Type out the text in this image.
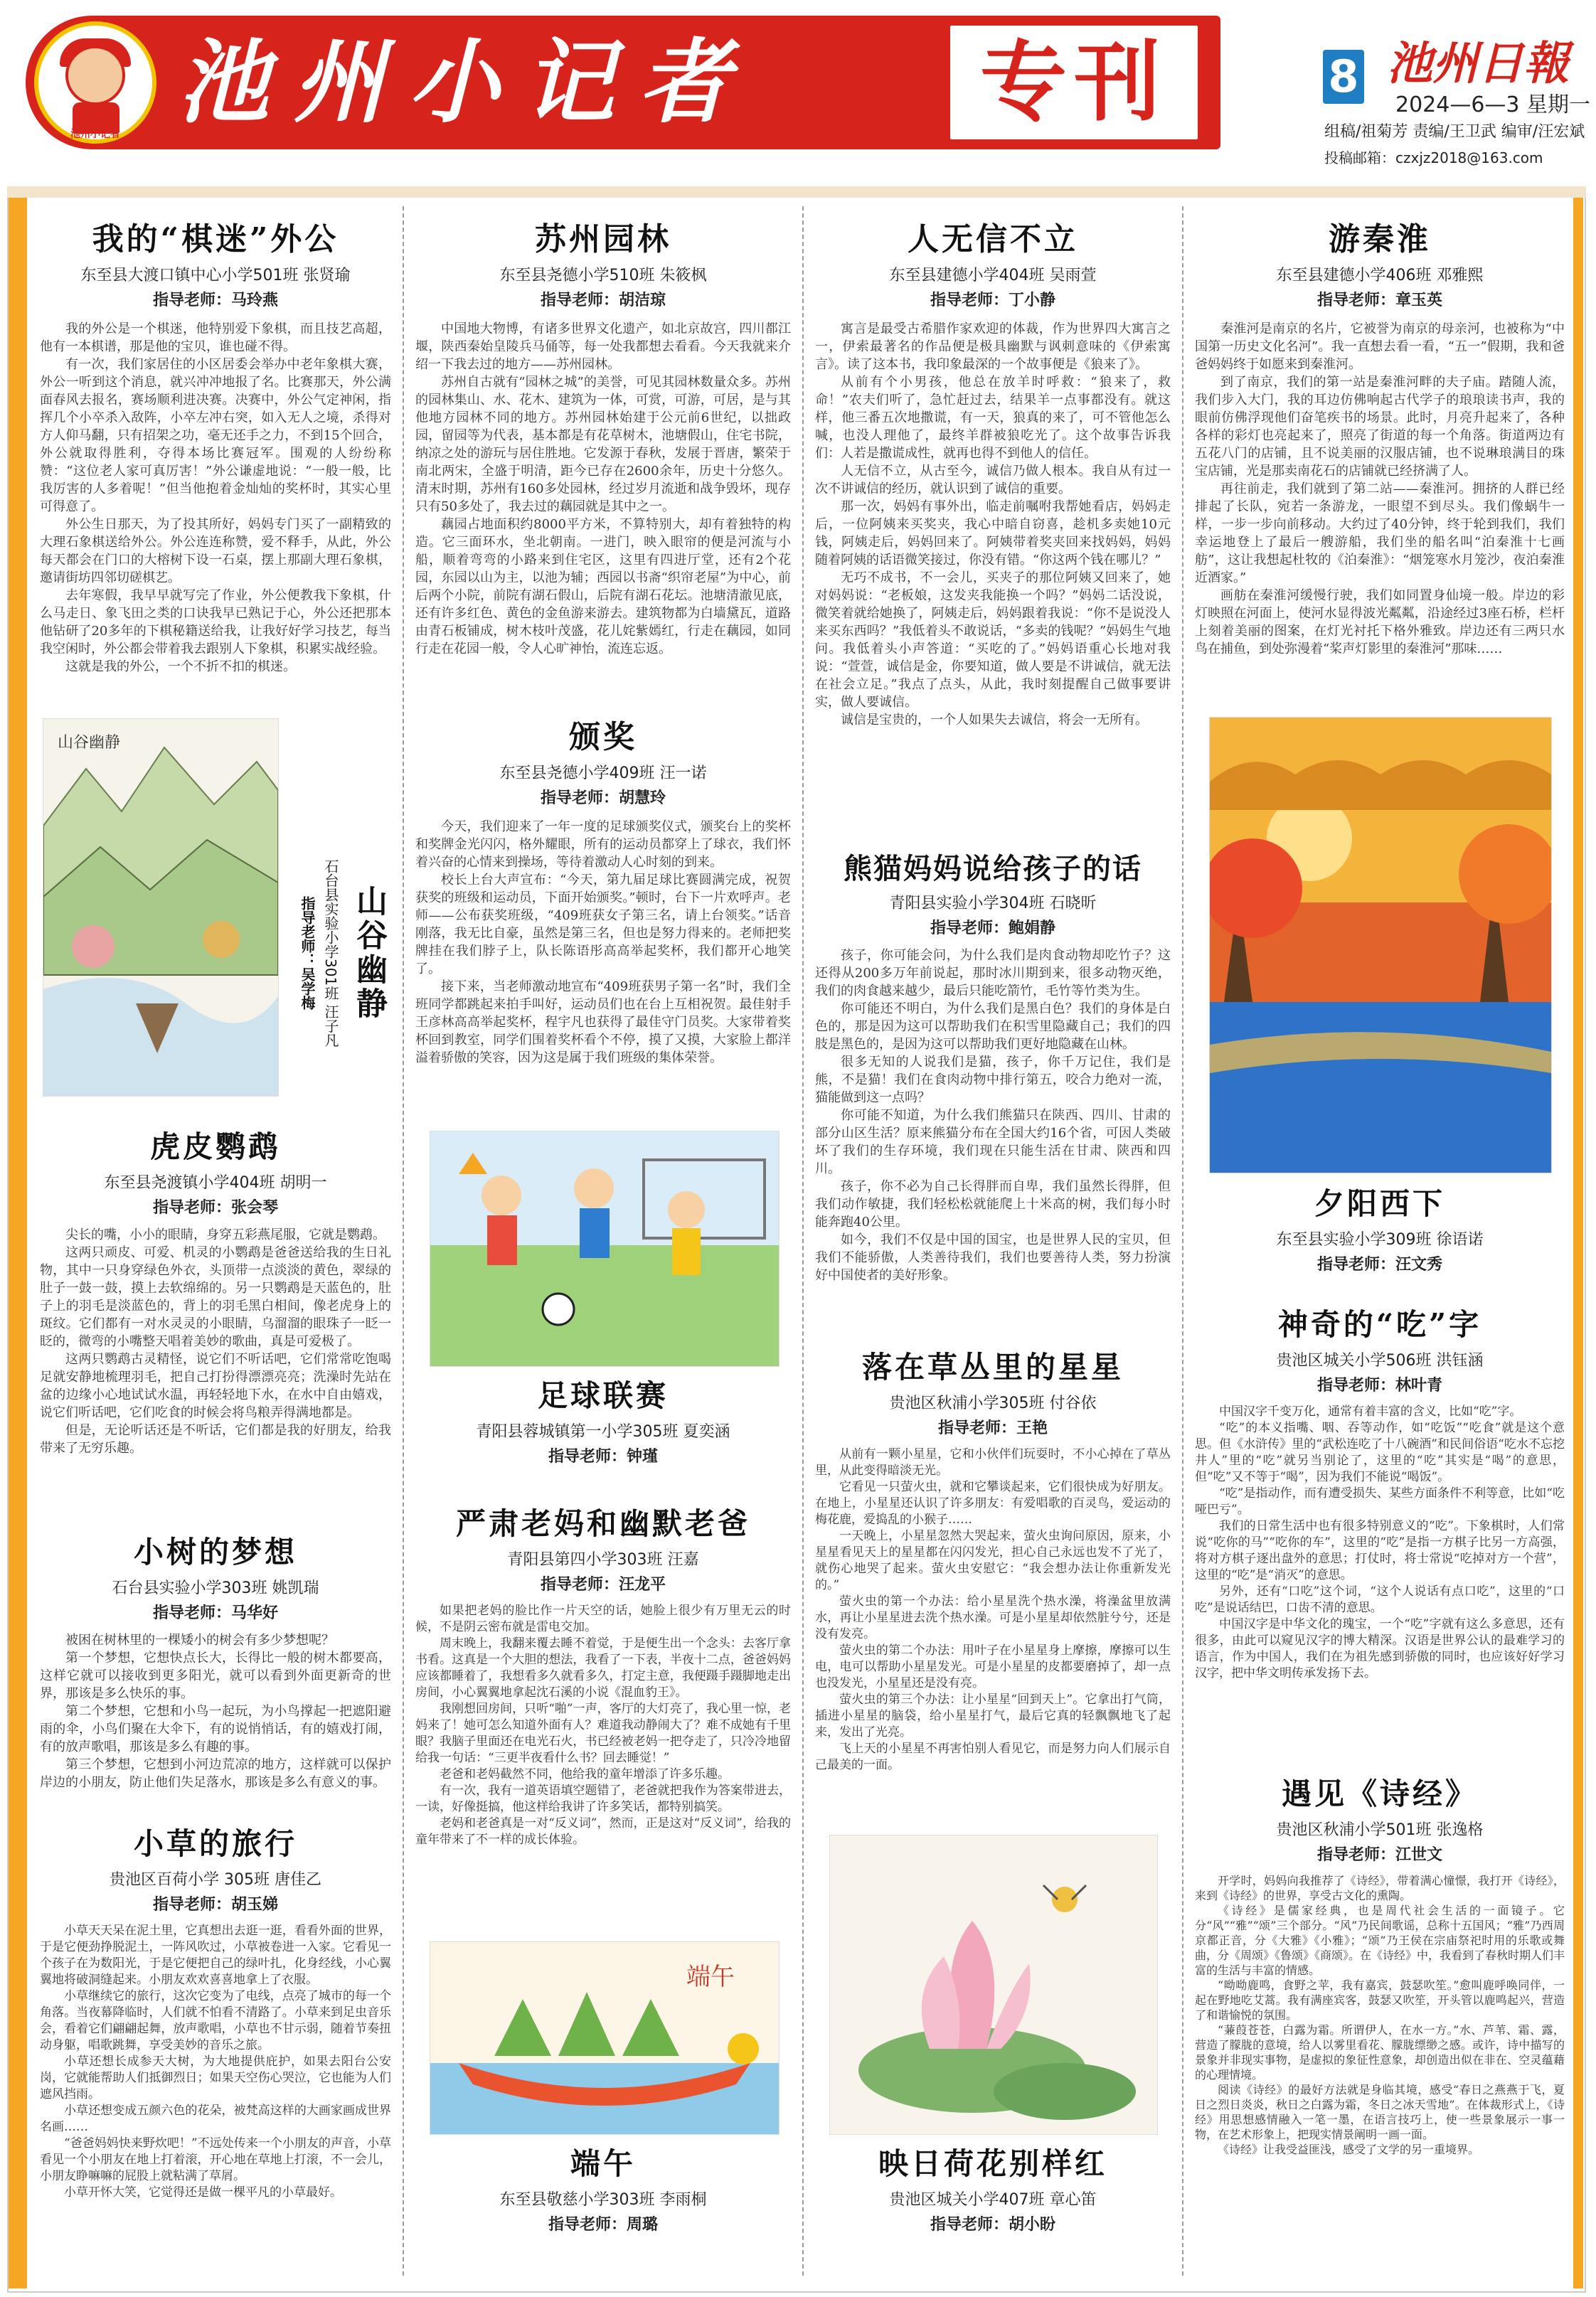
池州小记者 池州小记者	专刊	8 池州日報
2024—6—3 星期一
组稿/祖菊芳 责编/王卫武 编审/汪宏斌
投稿邮箱：czxjz2018@163.com
我的“棋迷”外公
东至县大渡口镇中心小学501班 张贤瑜
指导老师：马玲燕

我的外公是一个棋迷，他特别爱下象棋，而且技艺高超，他有一本棋谱，那是他的宝贝，谁也碰不得。

有一次，我们家居住的小区居委会举办中老年象棋大赛，外公一听到这个消息，就兴冲冲地报了名。比赛那天，外公满面春风去报名，赛场顺利进决赛。决赛中，外公气定神闲，指挥几个小卒杀入敌阵，小卒左冲右突，如入无人之境，杀得对方人仰马翻，只有招架之功，毫无还手之力，不到15个回合，外公就取得胜利，夺得本场比赛冠军。围观的人纷纷称赞：“这位老人家可真厉害！”外公谦虚地说：“一般一般，比我厉害的人多着呢！”但当他抱着金灿灿的奖杯时，其实心里可得意了。

外公生日那天，为了投其所好，妈妈专门买了一副精致的大理石象棋送给外公。外公连连称赞，爱不释手，从此，外公每天都会在门口的大榕树下设一石桌，摆上那副大理石象棋，邀请街坊四邻切磋棋艺。

去年寒假，我早早就写完了作业，外公便教我下象棋，什么马走日、象飞田之类的口诀我早已熟记于心，外公还把那本他钻研了20多年的下棋秘籍送给我，让我好好学习技艺，每当我空闲时，外公都会带着我去跟别人下象棋，积累实战经验。

这就是我的外公，一个不折不扣的棋迷。

山谷幽静
山谷幽静
石台县实验小学301班 汪子凡
指导老师：吴学梅
虎皮鹦鹉
东至县尧渡镇小学404班 胡明一
指导老师：张会琴

尖长的嘴，小小的眼睛，身穿五彩燕尾服，它就是鹦鹉。

这两只顽皮、可爱、机灵的小鹦鹉是爸爸送给我的生日礼物，其中一只身穿绿色外衣，头顶带一点淡淡的黄色，翠绿的肚子一鼓一鼓，摸上去软绵绵的。另一只鹦鹉是天蓝色的，肚子上的羽毛是淡蓝色的，背上的羽毛黑白相间，像老虎身上的斑纹。它们都有一对水灵灵的小眼睛，乌溜溜的眼珠子一眨一眨的，微弯的小嘴整天唱着美妙的歌曲，真是可爱极了。

这两只鹦鹉古灵精怪，说它们不听话吧，它们常常吃饱喝足就安静地梳理羽毛，把自己打扮得漂漂亮亮；洗澡时先站在盆的边缘小心地试试水温，再轻轻地下水，在水中自由嬉戏，说它们听话吧，它们吃食的时候会将鸟粮弄得满地都是。

但是，无论听话还是不听话，它们都是我的好朋友，给我带来了无穷乐趣。

小树的梦想
石台县实验小学303班 姚凯瑞
指导老师：马华好

被困在树林里的一棵矮小的树会有多少梦想呢？

第一个梦想，它想快点长大，长得比一般的树木都要高，这样它就可以接收到更多阳光，就可以看到外面更新奇的世界，那该是多么快乐的事。

第二个梦想，它想和小鸟一起玩，为小鸟撑起一把遮阳避雨的伞，小鸟们聚在大伞下，有的说悄悄话，有的嬉戏打闹，有的放声歌唱，那该是多么有趣的事。

第三个梦想，它想到小河边荒凉的地方，这样就可以保护岸边的小朋友，防止他们失足落水，那该是多么有意义的事。

小草的旅行
贵池区百荷小学 305班 唐佳乙
指导老师：胡玉娣

小草天天呆在泥土里，它真想出去逛一逛，看看外面的世界，于是它便劲挣脱泥土，一阵风吹过，小草被卷进一入家。它看见一个孩子在为数阳光，于是它便把自己的绿叶扎，化身经线，小心翼翼地将破洞缝起来。小朋友欢欢喜喜地拿上了衣服。

小草继续它的旅行，这次它变为了电线，点亮了城市的每一个角落。当夜幕降临时，人们就不怕看不清路了。小草来到足虫音乐会，看着它们翩翩起舞，放声歌唱，小草也不甘示弱，随着节奏扭动身躯，唱歌跳舞，享受美妙的音乐之旅。

小草还想长成参天大树，为大地提供庇护，如果去阳台公安岗，它就能帮助人们抵御烈日；如果天空伤心哭泣，它也能为人们遮风挡雨。

小草还想变成五颜六色的花朵，被梵高这样的大画家画成世界名画……

“爸爸妈妈快来野炊吧！”不远处传来一个小朋友的声音，小草看见一个小朋友在地上打着滚，开心地在草地上打滚，不一会儿，小朋友睁嘛嘛的屁股上就粘满了草屑。

小草开怀大笑，它觉得还是做一棵平凡的小草最好。

苏州园林
东至县尧德小学510班 朱筱枫
指导老师：胡洁琼

中国地大物博，有诸多世界文化遗产，如北京故宫，四川都江堰，陕西秦始皇陵兵马俑等，每一处我都想去看看。今天我就来介绍一下我去过的地方——苏州园林。

苏州自古就有“园林之城”的美誉，可见其园林数量众多。苏州的园林集山、水、花木、建筑为一体，可赏，可游，可居，是与其他地方园林不同的地方。苏州园林始建于公元前6世纪，以拙政园，留园等为代表，基本都是有花草树木，池塘假山，住宅书院，纳凉之处的游玩与居住胜地。它发源于春秋，发展于晋唐，繁荣于南北两宋，全盛于明清，距今已存在2600余年，历史十分悠久。清末时期，苏州有160多处园林，经过岁月流逝和战争毁坏，现存只有50多处了，我去过的藕园就是其中之一。

藕园占地面积约8000平方米，不算特别大，却有着独特的构造。它三面环水，坐北朝南。一进门，映入眼帘的便是河流与小船，顺着弯弯的小路来到住宅区，这里有四进厅堂，还有2个花园，东园以山为主，以池为辅；西园以书斋“织帘老屋”为中心，前后两个小院，前院有湖石假山，后院有湖石花坛。池塘清澈见底，还有许多红色、黄色的金鱼游来游去。建筑物都为白墙黛瓦，道路由青石板铺成，树木枝叶茂盛，花儿姹紫嫣红，行走在藕园，如同行走在花园一般，令人心旷神怡，流连忘返。

颁奖
东至县尧德小学409班 汪一诺
指导老师：胡慧玲

今天，我们迎来了一年一度的足球颁奖仪式，颁奖台上的奖杯和奖牌金光闪闪，格外耀眼，所有的运动员都穿上了球衣，我们怀着兴奋的心情来到操场，等待着激动人心时刻的到来。

校长上台大声宣布：“今天，第九届足球比赛圆满完成，祝贺获奖的班级和运动员，下面开始颁奖。”顿时，台下一片欢呼声。老师——公布获奖班级，“409班获女子第三名，请上台领奖。”话音刚落，我无比自豪，虽然是第三名，但也是努力得来的。老师把奖牌挂在我们脖子上，队长陈语彤高高举起奖杯，我们都开心地笑了。

接下来，当老师激动地宣布“409班获男子第一名”时，我们全班同学都跳起来拍手叫好，运动员们也在台上互相祝贺。最佳射手王彦林高高举起奖杯，程宇凡也获得了最佳守门员奖。大家带着奖杯回到教室，同学们围着奖杯看个不停，摸了又摸，大家脸上都洋溢着骄傲的笑容，因为这是属于我们班级的集体荣誉。

足球联赛
青阳县蓉城镇第一小学305班 夏奕涵
指导老师：钟瑾
严肃老妈和幽默老爸
青阳县第四小学303班 汪嘉
指导老师：汪龙平

如果把老妈的脸比作一片天空的话，她脸上很少有万里无云的时候，不是阴云密布就是雷电交加。

周末晚上，我翻来覆去睡不着觉，于是便生出一个念头：去客厅拿书看。这真是一个大胆的想法，我看了一下表，半夜十二点，爸爸妈妈应该都睡着了，我想看多久就看多久，打定主意，我便蹑手蹑脚地走出房间，小心翼翼地拿起沈石溪的小说《混血豹王》。

我刚想回房间，只听“啪”一声，客厅的大灯亮了，我心里一惊，老妈来了！她可怎么知道外面有人？难道我动静闹大了？难不成她有千里眼？我脑子里面还在电光石火，书已经被老妈一把夺走了，只冷冷地留给我一句话：“三更半夜看什么书？回去睡觉！”

老爸和老妈截然不同，他给我的童年增添了许多乐趣。

有一次，我有一道英语填空题错了，老爸就把我作为答案带进去，一读，好像挺搞，他这样给我讲了许多笑话，都特别搞笑。

老妈和老爸真是一对“反义词”，然而，正是这对“反义词”，给我的童年带来了不一样的成长体验。

端午
端午
东至县敬慈小学303班 李雨桐
指导老师：周璐
人无信不立
东至县建德小学404班 吴雨萱
指导老师：丁小静

寓言是最受古希腊作家欢迎的体裁，作为世界四大寓言之一，伊索最著名的作品便是极具幽默与讽刺意味的《伊索寓言》。读了这本书，我印象最深的一个故事便是《狼来了》。

从前有个小男孩，他总在放羊时呼救：“狼来了，救命！”农夫们听了，急忙赶过去，结果羊一点事都没有。就这样，他三番五次地撒谎，有一天，狼真的来了，可不管他怎么喊，也没人理他了，最终羊群被狼吃光了。这个故事告诉我们：人若是撒谎成性，就再也得不到他人的信任。

人无信不立，从古至今，诚信乃做人根本。我自从有过一次不讲诚信的经历，就认识到了诚信的重要。

那一次，妈妈有事外出，临走前嘱咐我帮她看店，妈妈走后，一位阿姨来买奖夹，我心中暗自窃喜，趁机多卖她10元钱，阿姨走后，妈妈回来了。阿姨带着奖夹回来找妈妈，妈妈随着阿姨的话语微笑接过，你没有错。“你这两个钱在哪儿？”

无巧不成书，不一会儿，买夹子的那位阿姨又回来了，她对妈妈说：“老板娘，这发夹我能换一个吗？”妈妈二话没说，微笑着就给她换了，阿姨走后，妈妈跟着我说：“你不是说没人来买东西吗？”我低着头不敢说话，“多卖的钱呢？”妈妈生气地问。我低着头小声答道：“买吃的了。”妈妈语重心长地对我说：“萱萱，诚信是金，你要知道，做人要是不讲诚信，就无法在社会立足。”我点了点头，从此，我时刻提醒自己做事要讲实，做人要诚信。

诚信是宝贵的，一个人如果失去诚信，将会一无所有。

熊猫妈妈说给孩子的话
青阳县实验小学304班 石晓昕
指导老师：鲍娟静

孩子，你可能会问，为什么我们是肉食动物却吃竹子？这还得从200多万年前说起，那时冰川期到来，很多动物灭绝，我们的肉食越来越少，最后只能吃箭竹，毛竹等竹类为生。

你可能还不明白，为什么我们是黑白色？我们的身体是白色的，那是因为这可以帮助我们在积雪里隐藏自己；我们的四肢是黑色的，是因为这可以帮助我们更好地隐藏在山林。

很多无知的人说我们是猫，孩子，你千万记住，我们是熊，不是猫！我们在食肉动物中排行第五，咬合力绝对一流，猫能做到这一点吗？

你可能不知道，为什么我们熊猫只在陕西、四川、甘肃的部分山区生活？原来熊猫分布在全国大约16个省，可因人类破坏了我们的生存环境，我们现在只能生活在甘肃、陕西和四川。

孩子，你不必为自己长得胖而自卑，我们虽然长得胖，但我们动作敏捷，我们轻松松就能爬上十米高的树，我们每小时能奔跑40公里。

如今，我们不仅是中国的国宝，也是世界人民的宝贝，但我们不能骄傲，人类善待我们，我们也要善待人类，努力扮演好中国使者的美好形象。

落在草丛里的星星
贵池区秋浦小学305班 付谷依
指导老师：王艳

从前有一颗小星星，它和小伙伴们玩耍时，不小心掉在了草丛里，从此变得暗淡无光。

它看见一只萤火虫，就和它攀谈起来，它们很快成为好朋友。在地上，小星星还认识了许多朋友：有爱唱歌的百灵鸟，爱运动的梅花鹿，爱捣乱的小猴子……

一天晚上，小星星忽然大哭起来，萤火虫询问原因，原来，小星星看见天上的星星都在闪闪发光，担心自己永远也发不了光了，就伤心地哭了起来。萤火虫安慰它：“我会想办法让你重新发光的。”

萤火虫的第一个办法：给小星星洗个热水澡，将澡盆里放满水，再让小星星进去洗个热水澡。可是小星星却依然脏兮兮，还是没有发亮。

萤火虫的第二个办法：用叶子在小星星身上摩擦，摩擦可以生电，电可以帮助小星星发光。可是小星星的皮都要磨掉了，却一点也没发光，小星星还是没有亮。

萤火虫的第三个办法：让小星星“回到天上”。它拿出打气筒，插进小星星的脑袋，给小星星打气，最后它真的轻飘飘地飞了起来，发出了光亮。

飞上天的小星星不再害怕别人看见它，而是努力向人们展示自己最美的一面。

映日荷花别样红
贵池区城关小学407班 章心笛
指导老师：胡小盼
游秦淮
东至县建德小学406班 邓雅熙
指导老师：章玉英

秦淮河是南京的名片，它被誉为南京的母亲河，也被称为“中国第一历史文化名河”。我一直想去看一看，“五一”假期，我和爸爸妈妈终于如愿来到秦淮河。

到了南京，我们的第一站是秦淮河畔的夫子庙。踏随人流，我们步入大门，我的耳边仿佛响起古代学子的琅琅读书声，我的眼前仿佛浮现他们奋笔疾书的场景。此时，月亮升起来了，各种各样的彩灯也亮起来了，照亮了街道的每一个角落。街道两边有五花八门的店铺，且不说美丽的汉服店铺，也不说琳琅满目的珠宝店铺，光是那卖南花石的店铺就已经挤满了人。

再往前走，我们就到了第二站——秦淮河。拥挤的人群已经排起了长队，宛若一条游龙，一眼望不到尽头。我们像蜗牛一样，一步一步向前移动。大约过了40分钟，终于轮到我们，我们幸运地登上了最后一艘游船，我们坐的船名叫“泊秦淮十七画舫”，这让我想起杜牧的《泊秦淮》：“烟笼寒水月笼沙，夜泊秦淮近酒家。”

画舫在秦淮河缓慢行驶，我们如同置身仙境一般。岸边的彩灯映照在河面上，使河水显得波光粼粼，沿途经过3座石桥，栏杆上刻着美丽的图案，在灯光衬托下格外雅致。岸边还有三两只水鸟在捕鱼，到处弥漫着“桨声灯影里的秦淮河”那味……

夕阳西下
东至县实验小学309班 徐语诺
指导老师：汪文秀
神奇的“吃”字
贵池区城关小学506班 洪钰涵
指导老师：林叶青

中国汉字千变万化，通常有着丰富的含义，比如“吃”字。

“吃”的本义指嘴、咽、吞等动作，如“吃饭”“吃食”就是这个意思。但《水浒传》里的“武松连吃了十八碗酒”和民间俗语“吃水不忘挖井人”里的“吃”就另当别论了，这里的“吃”其实是“喝”的意思，但“吃”又不等于“喝”，因为我们不能说“喝饭”。

“吃”是指动作，而有遭受损失、某些方面条件不利等意，比如“吃哑巴亏”。

我们的日常生活中也有很多特别意义的“吃”。下象棋时，人们常说“吃你的马”“吃你的车”，这里的“吃”是指一方棋子比另一方高强，将对方棋子逐出盘外的意思；打仗时，将士常说“吃掉对方一个营”，这里的“吃”是“消灭”的意思。

另外，还有“口吃”这个词，“这个人说话有点口吃”，这里的“口吃”是说话结巴，口齿不清的意思。

中国汉字是中华文化的瑰宝，一个“吃”字就有这么多意思，还有很多，由此可以窥见汉字的博大精深。汉语是世界公认的最难学习的语言，作为中国人，我们在为祖先感到骄傲的同时，也应该好好学习汉字，把中华文明传承发扬下去。

遇见《诗经》
贵池区秋浦小学501班 张逸格
指导老师：江世文

开学时，妈妈向我推荐了《诗经》，带着满心憧憬，我打开《诗经》，来到《诗经》的世界，享受古文化的熏陶。

《诗经》是儒家经典，也是周代社会生活的一面镜子。它分“风”“雅”“颂”三个部分。“风”乃民间歌谣，总称十五国风；“雅”乃西周京都正音，分《大雅》《小雅》；“颂”乃王侯在宗庙祭祀时用的乐歌或舞曲，分《周颂》《鲁颂》《商颂》。在《诗经》中，我看到了春秋时期人们丰富的生活与丰富的情感。

“呦呦鹿鸣，食野之苹，我有嘉宾，鼓瑟吹笙。”愈叫鹿呼唤同伴，一起在野地吃艾蒿。我有满座宾客，鼓瑟又吹笙，开头管以鹿鸣起兴，营造了和谐愉悦的氛围。

“蒹葭苍苍，白露为霜。所谓伊人，在水一方。”水、芦苇、霜、露，营造了朦胧的意境，给人以雾里看花、朦胧缥缈之感。或许，诗中描写的景象并非现实事物，是虚拟的象征性意象，却创造出似在非在、空灵蕴藉的心理情境。

阅读《诗经》的最好方法就是身临其境，感受“春日之燕燕于飞，夏日之烈日炎炎，秋日之白露为霜，冬日之冰天雪地”。在体裁形式上，《诗经》用思想感情融入一笔一墨，在语言技巧上，使一些景象展示一事一物，在艺术形象上，把现实情景阐明一画一面。

《诗经》让我受益匪浅，感受了文学的另一重境界。
